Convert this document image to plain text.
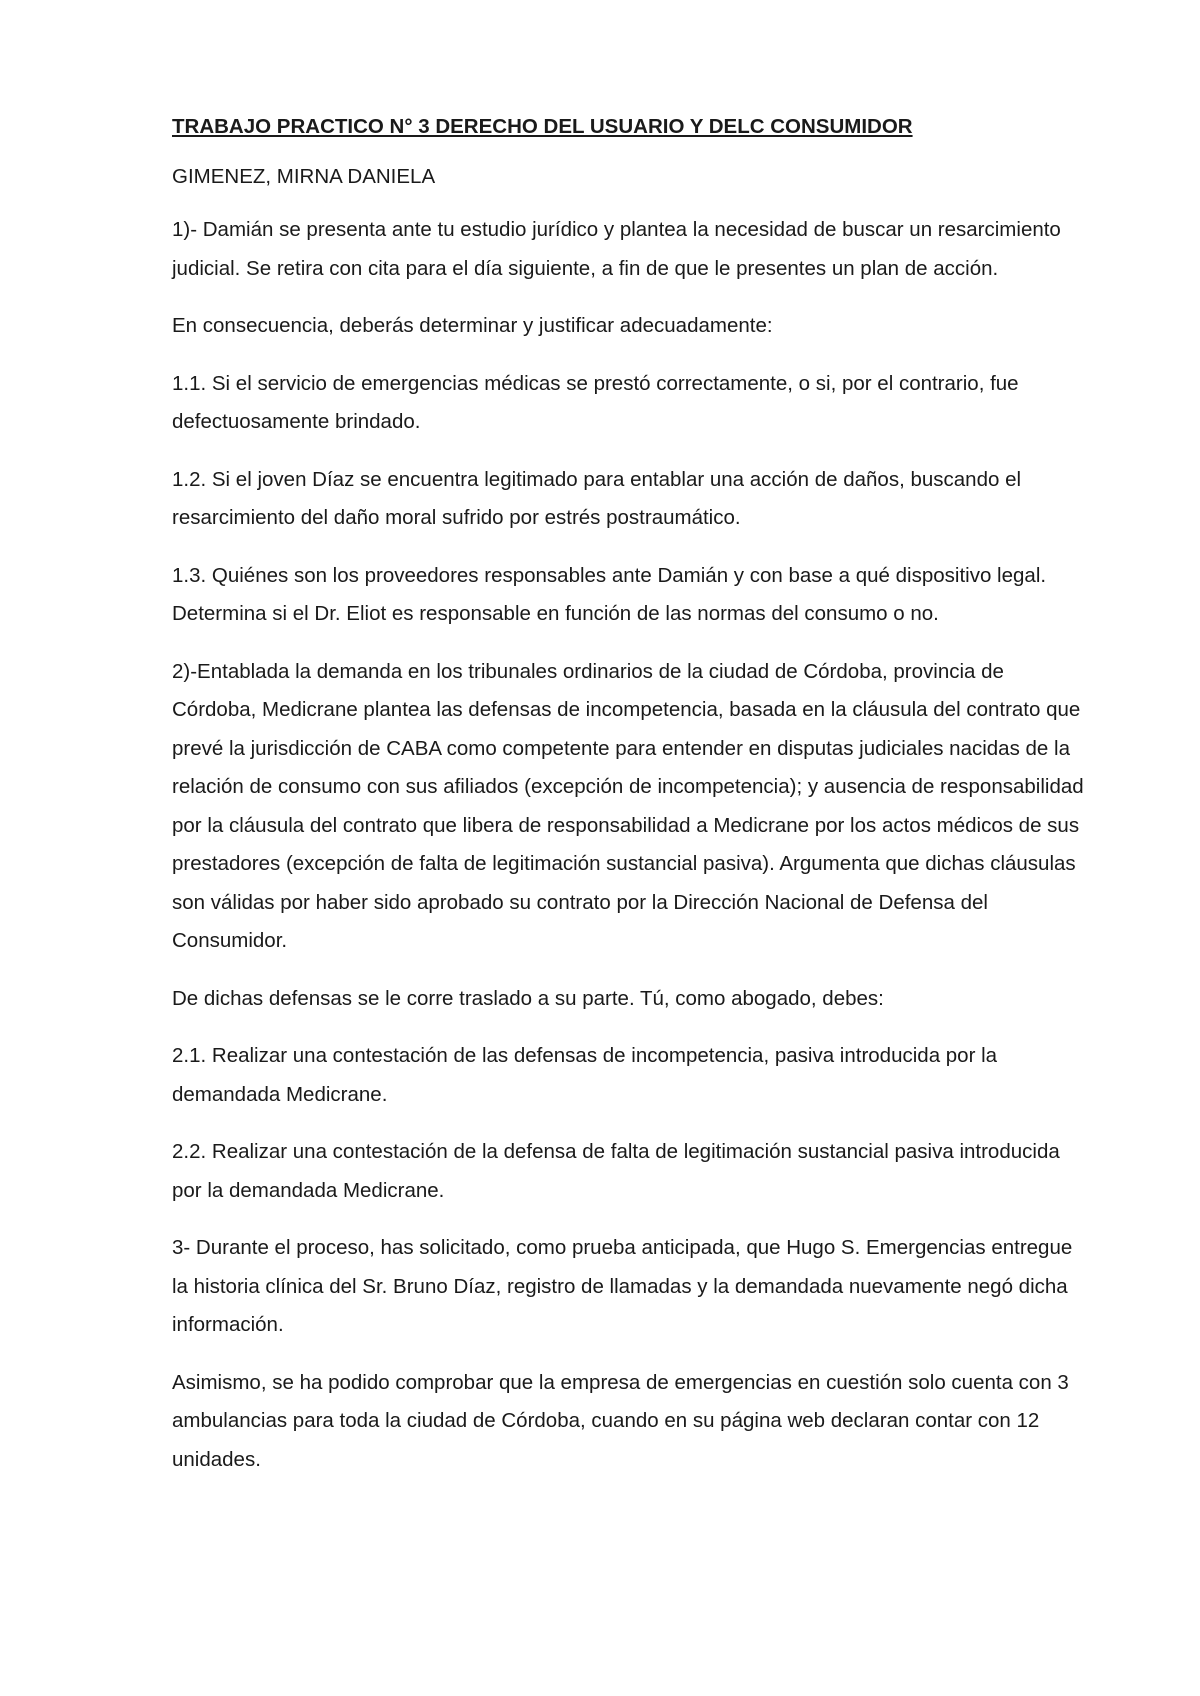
TRABAJO PRACTICO N° 3 DERECHO DEL USUARIO Y DELC CONSUMIDOR

GIMENEZ, MIRNA DANIELA

1)- Damián se presenta ante tu estudio jurídico y plantea la necesidad de buscar un resarcimiento judicial. Se retira con cita para el día siguiente, a fin de que le presentes un plan de acción.

En consecuencia, deberás determinar y justificar adecuadamente:

1.1. Si el servicio de emergencias médicas se prestó correctamente, o si, por el contrario, fue defectuosamente brindado.

1.2. Si el joven Díaz se encuentra legitimado para entablar una acción de daños, buscando el resarcimiento del daño moral sufrido por estrés postraumático.

1.3. Quiénes son los proveedores responsables ante Damián y con base a qué dispositivo legal. Determina si el Dr. Eliot es responsable en función de las normas del consumo o no.

2)-Entablada la demanda en los tribunales ordinarios de la ciudad de Córdoba, provincia de Córdoba, Medicrane plantea las defensas de incompetencia, basada en la cláusula del contrato que prevé la jurisdicción de CABA como competente para entender en disputas judiciales nacidas de la relación de consumo con sus afiliados (excepción de incompetencia); y ausencia de responsabilidad por la cláusula del contrato que libera de responsabilidad a Medicrane por los actos médicos de sus prestadores (excepción de falta de legitimación sustancial pasiva). Argumenta que dichas cláusulas son válidas por haber sido aprobado su contrato por la Dirección Nacional de Defensa del Consumidor.

De dichas defensas se le corre traslado a su parte. Tú, como abogado, debes:

2.1. Realizar una contestación de las defensas de incompetencia, pasiva introducida por la demandada Medicrane.

2.2. Realizar una contestación de la defensa de falta de legitimación sustancial pasiva introducida por la demandada Medicrane.

3- Durante el proceso, has solicitado, como prueba anticipada, que Hugo S. Emergencias entregue la historia clínica del Sr. Bruno Díaz, registro de llamadas y la demandada nuevamente negó dicha información.

Asimismo, se ha podido comprobar que la empresa de emergencias en cuestión solo cuenta con 3 ambulancias para toda la ciudad de Córdoba, cuando en su página web declaran contar con 12 unidades.
